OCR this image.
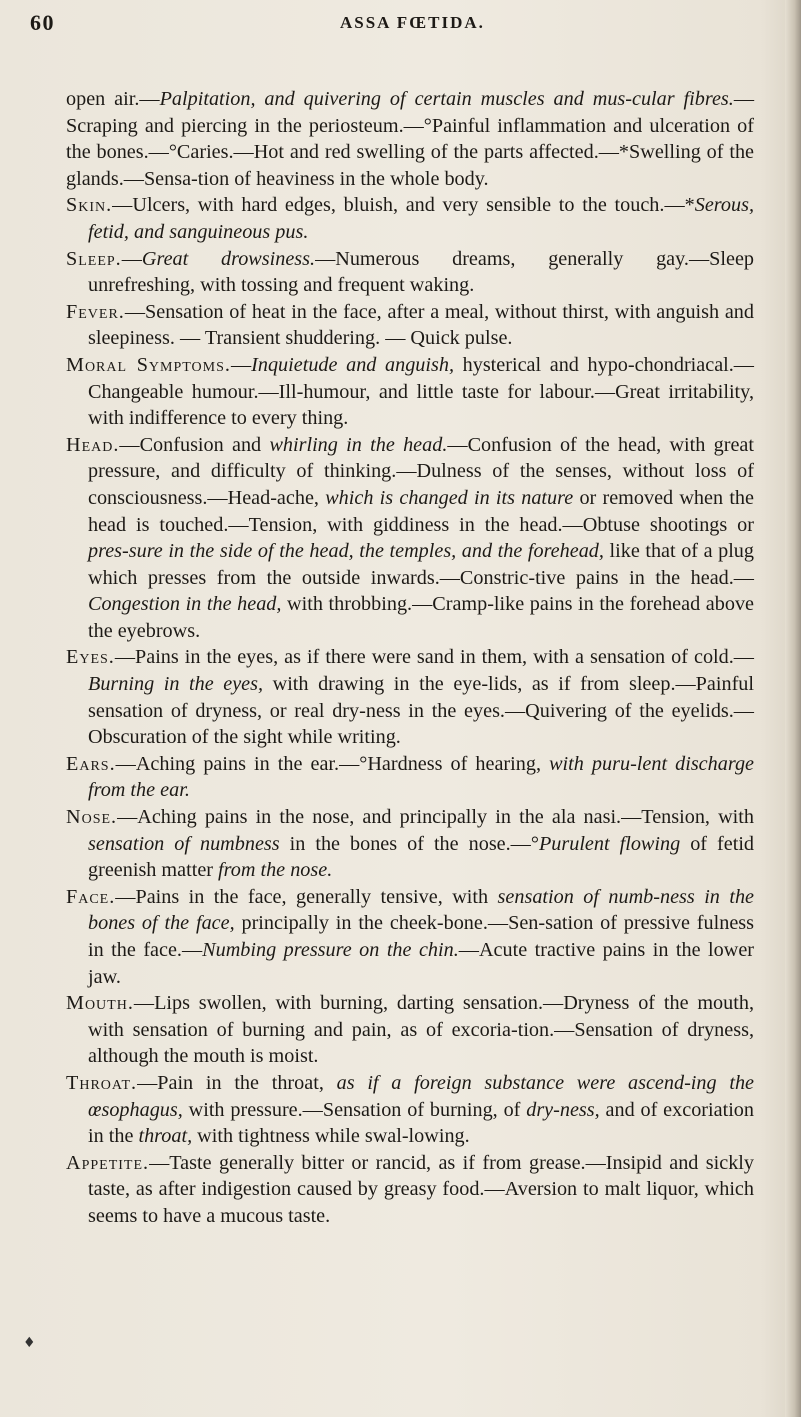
60	ASSA FŒTIDA.

open air.—Palpitation, and quivering of certain muscles and mus-cular fibres.—Scraping and piercing in the periosteum.—°Painful inflammation and ulceration of the bones.—°Caries.—Hot and red swelling of the parts affected.—*Swelling of the glands.—Sensa-tion of heaviness in the whole body.

Skin.—Ulcers, with hard edges, bluish, and very sensible to the touch.—*Serous, fetid, and sanguineous pus.

Sleep.—Great drowsiness.—Numerous dreams, generally gay.—Sleep unrefreshing, with tossing and frequent waking.

Fever.—Sensation of heat in the face, after a meal, without thirst, with anguish and sleepiness. — Transient shuddering. — Quick pulse.

Moral Symptoms.—Inquietude and anguish, hysterical and hypo-chondriacal.—Changeable humour.—Ill-humour, and little taste for labour.—Great irritability, with indifference to every thing.

Head.—Confusion and whirling in the head.—Confusion of the head, with great pressure, and difficulty of thinking.—Dulness of the senses, without loss of consciousness.—Head-ache, which is changed in its nature or removed when the head is touched.—Tension, with giddiness in the head.—Obtuse shootings or pres-sure in the side of the head, the temples, and the forehead, like that of a plug which presses from the outside inwards.—Constric-tive pains in the head.—Congestion in the head, with throbbing.—Cramp-like pains in the forehead above the eyebrows.

Eyes.—Pains in the eyes, as if there were sand in them, with a sensation of cold.—Burning in the eyes, with drawing in the eye-lids, as if from sleep.—Painful sensation of dryness, or real dry-ness in the eyes.—Quivering of the eyelids.—Obscuration of the sight while writing.

Ears.—Aching pains in the ear.—°Hardness of hearing, with puru-lent discharge from the ear.

Nose.—Aching pains in the nose, and principally in the ala nasi.—Tension, with sensation of numbness in the bones of the nose.—°Purulent flowing of fetid greenish matter from the nose.

Face.—Pains in the face, generally tensive, with sensation of numb-ness in the bones of the face, principally in the cheek-bone.—Sen-sation of pressive fulness in the face.—Numbing pressure on the chin.—Acute tractive pains in the lower jaw.

Mouth.—Lips swollen, with burning, darting sensation.—Dryness of the mouth, with sensation of burning and pain, as of excoria-tion.—Sensation of dryness, although the mouth is moist.

Throat.—Pain in the throat, as if a foreign substance were ascend-ing the œsophagus, with pressure.—Sensation of burning, of dry-ness, and of excoriation in the throat, with tightness while swal-lowing.

Appetite.—Taste generally bitter or rancid, as if from grease.—Insipid and sickly taste, as after indigestion caused by greasy food.—Aversion to malt liquor, which seems to have a mucous taste.

♦
